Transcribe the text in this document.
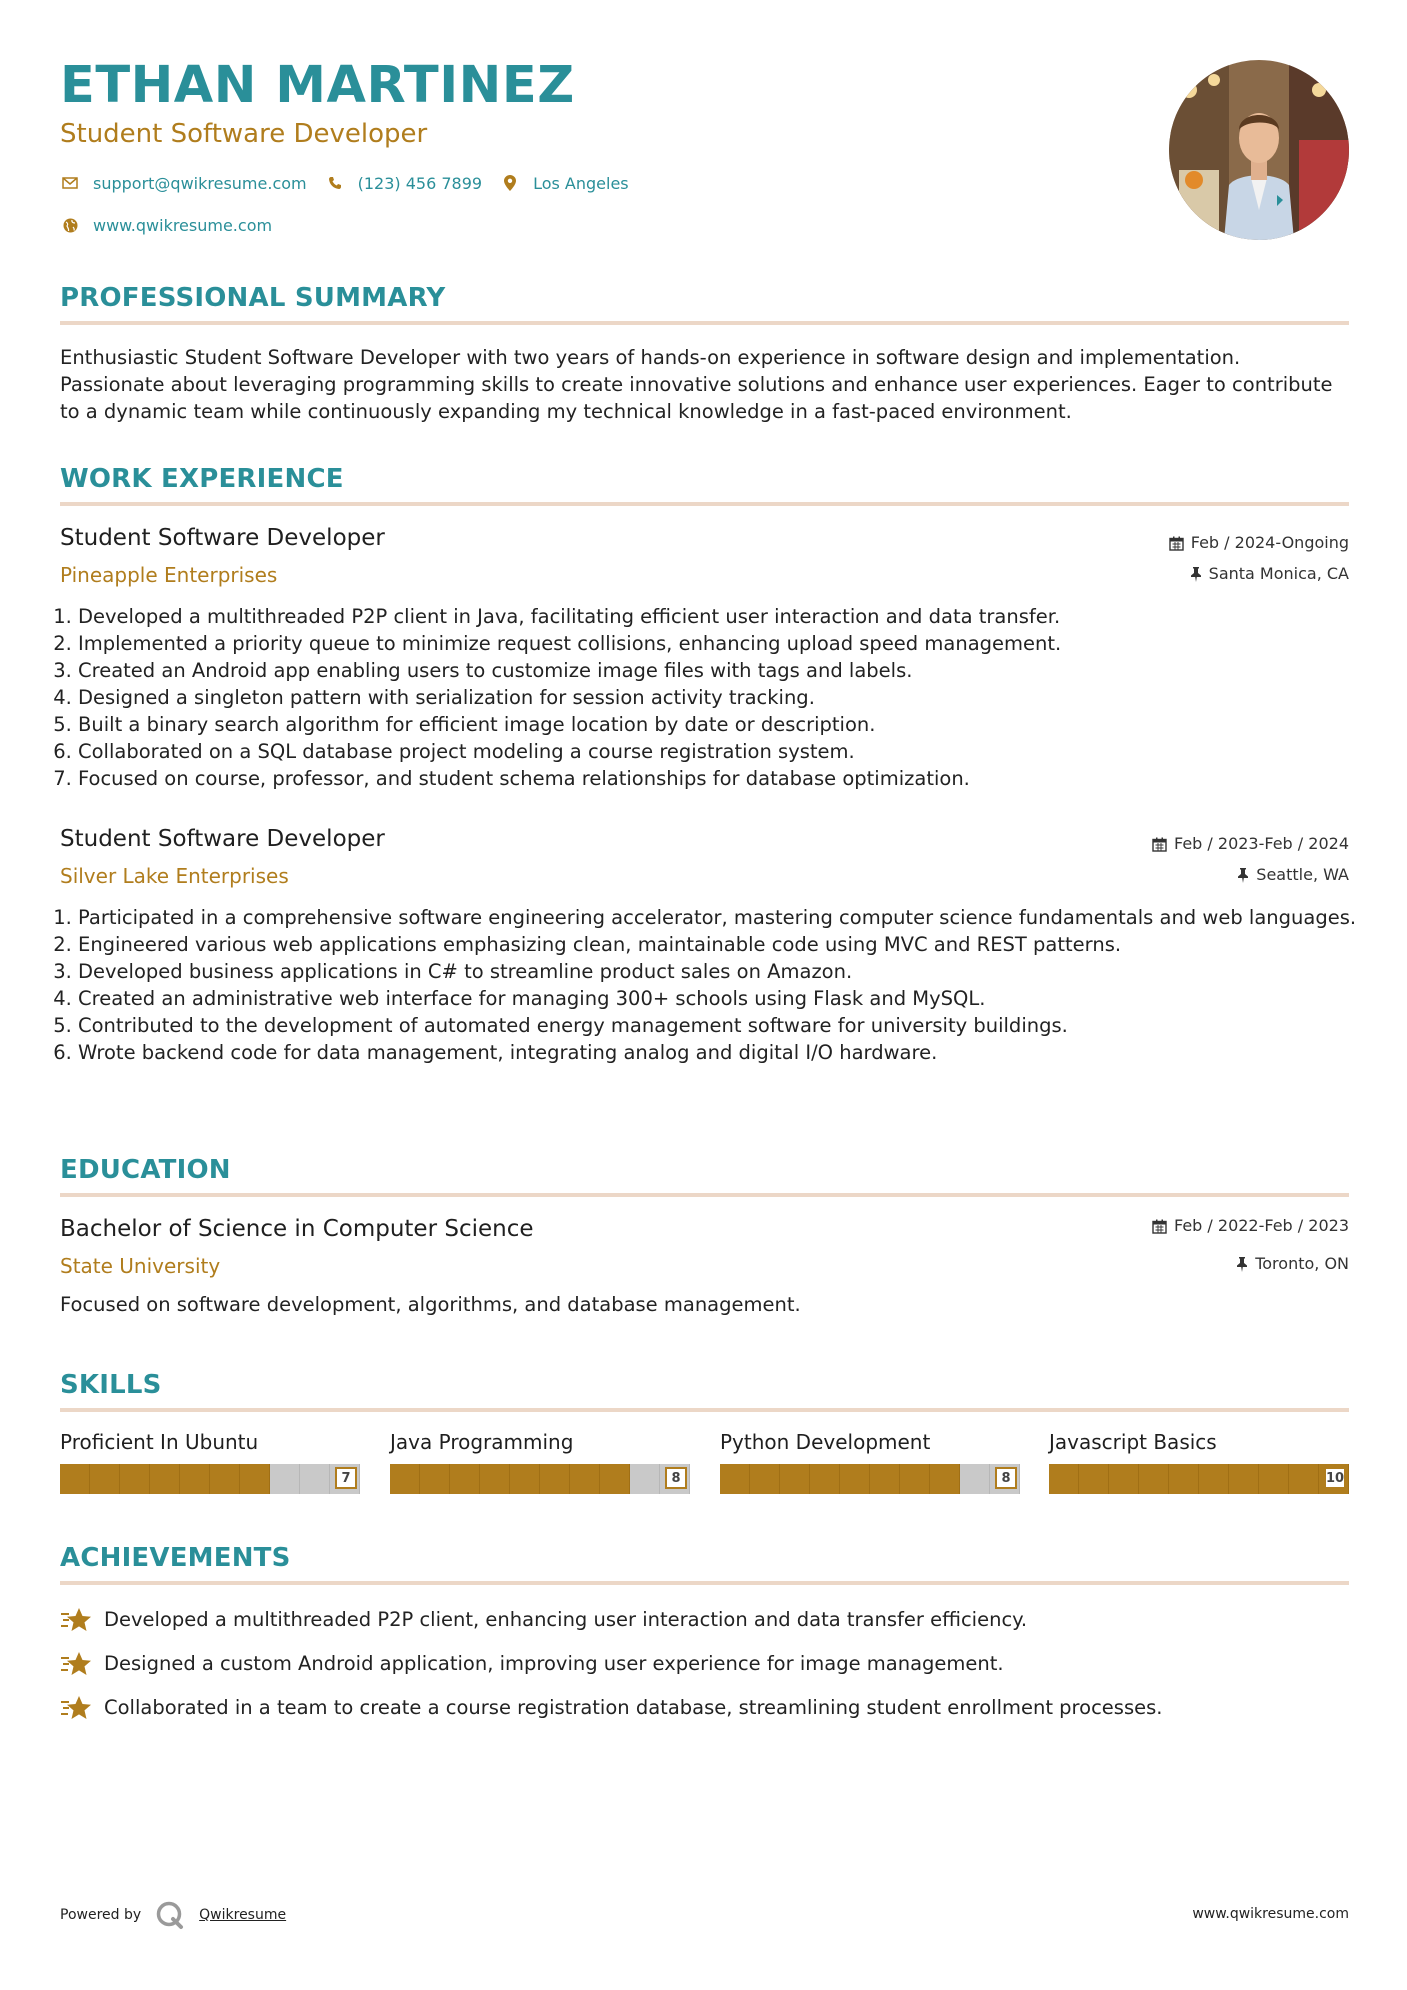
ETHAN MARTINEZ
Student Software Developer
support@qwikresume.com	(123) 456 7899	Los Angeles
www.qwikresume.com
PROFESSIONAL SUMMARY

Enthusiastic Student Software Developer with two years of hands-on experience in software design and implementation. Passionate about leveraging programming skills to create innovative solutions and enhance user experiences. Eager to contribute to a dynamic team while continuously expanding my technical knowledge in a fast-paced environment.

WORK EXPERIENCE
Student Software Developer	Feb / 2024-Ongoing
Pineapple Enterprises	Santa Monica, CA
1. Developed a multithreaded P2P client in Java, facilitating efficient user interaction and data transfer.
2. Implemented a priority queue to minimize request collisions, enhancing upload speed management.
3. Created an Android app enabling users to customize image files with tags and labels.
4. Designed a singleton pattern with serialization for session activity tracking.
5. Built a binary search algorithm for efficient image location by date or description.
6. Collaborated on a SQL database project modeling a course registration system.
7. Focused on course, professor, and student schema relationships for database optimization.
Student Software Developer	Feb / 2023-Feb / 2024
Silver Lake Enterprises	Seattle, WA
1. Participated in a comprehensive software engineering accelerator, mastering computer science fundamentals and web languages.
2. Engineered various web applications emphasizing clean, maintainable code using MVC and REST patterns.
3. Developed business applications in C# to streamline product sales on Amazon.
4. Created an administrative web interface for managing 300+ schools using Flask and MySQL.
5. Contributed to the development of automated energy management software for university buildings.
6. Wrote backend code for data management, integrating analog and digital I/O hardware.
EDUCATION
Bachelor of Science in Computer Science	Feb / 2022-Feb / 2023
State University	Toronto, ON

Focused on software development, algorithms, and database management.

SKILLS
Proficient In Ubuntu
7
Java Programming
8
Python Development
8
Javascript Basics
10
ACHIEVEMENTS
Developed a multithreaded P2P client, enhancing user interaction and data transfer efficiency.
Designed a custom Android application, improving user experience for image management.
Collaborated in a team to create a course registration database, streamlining student enrollment processes.
Powered by	Qwikresume	www.qwikresume.com
